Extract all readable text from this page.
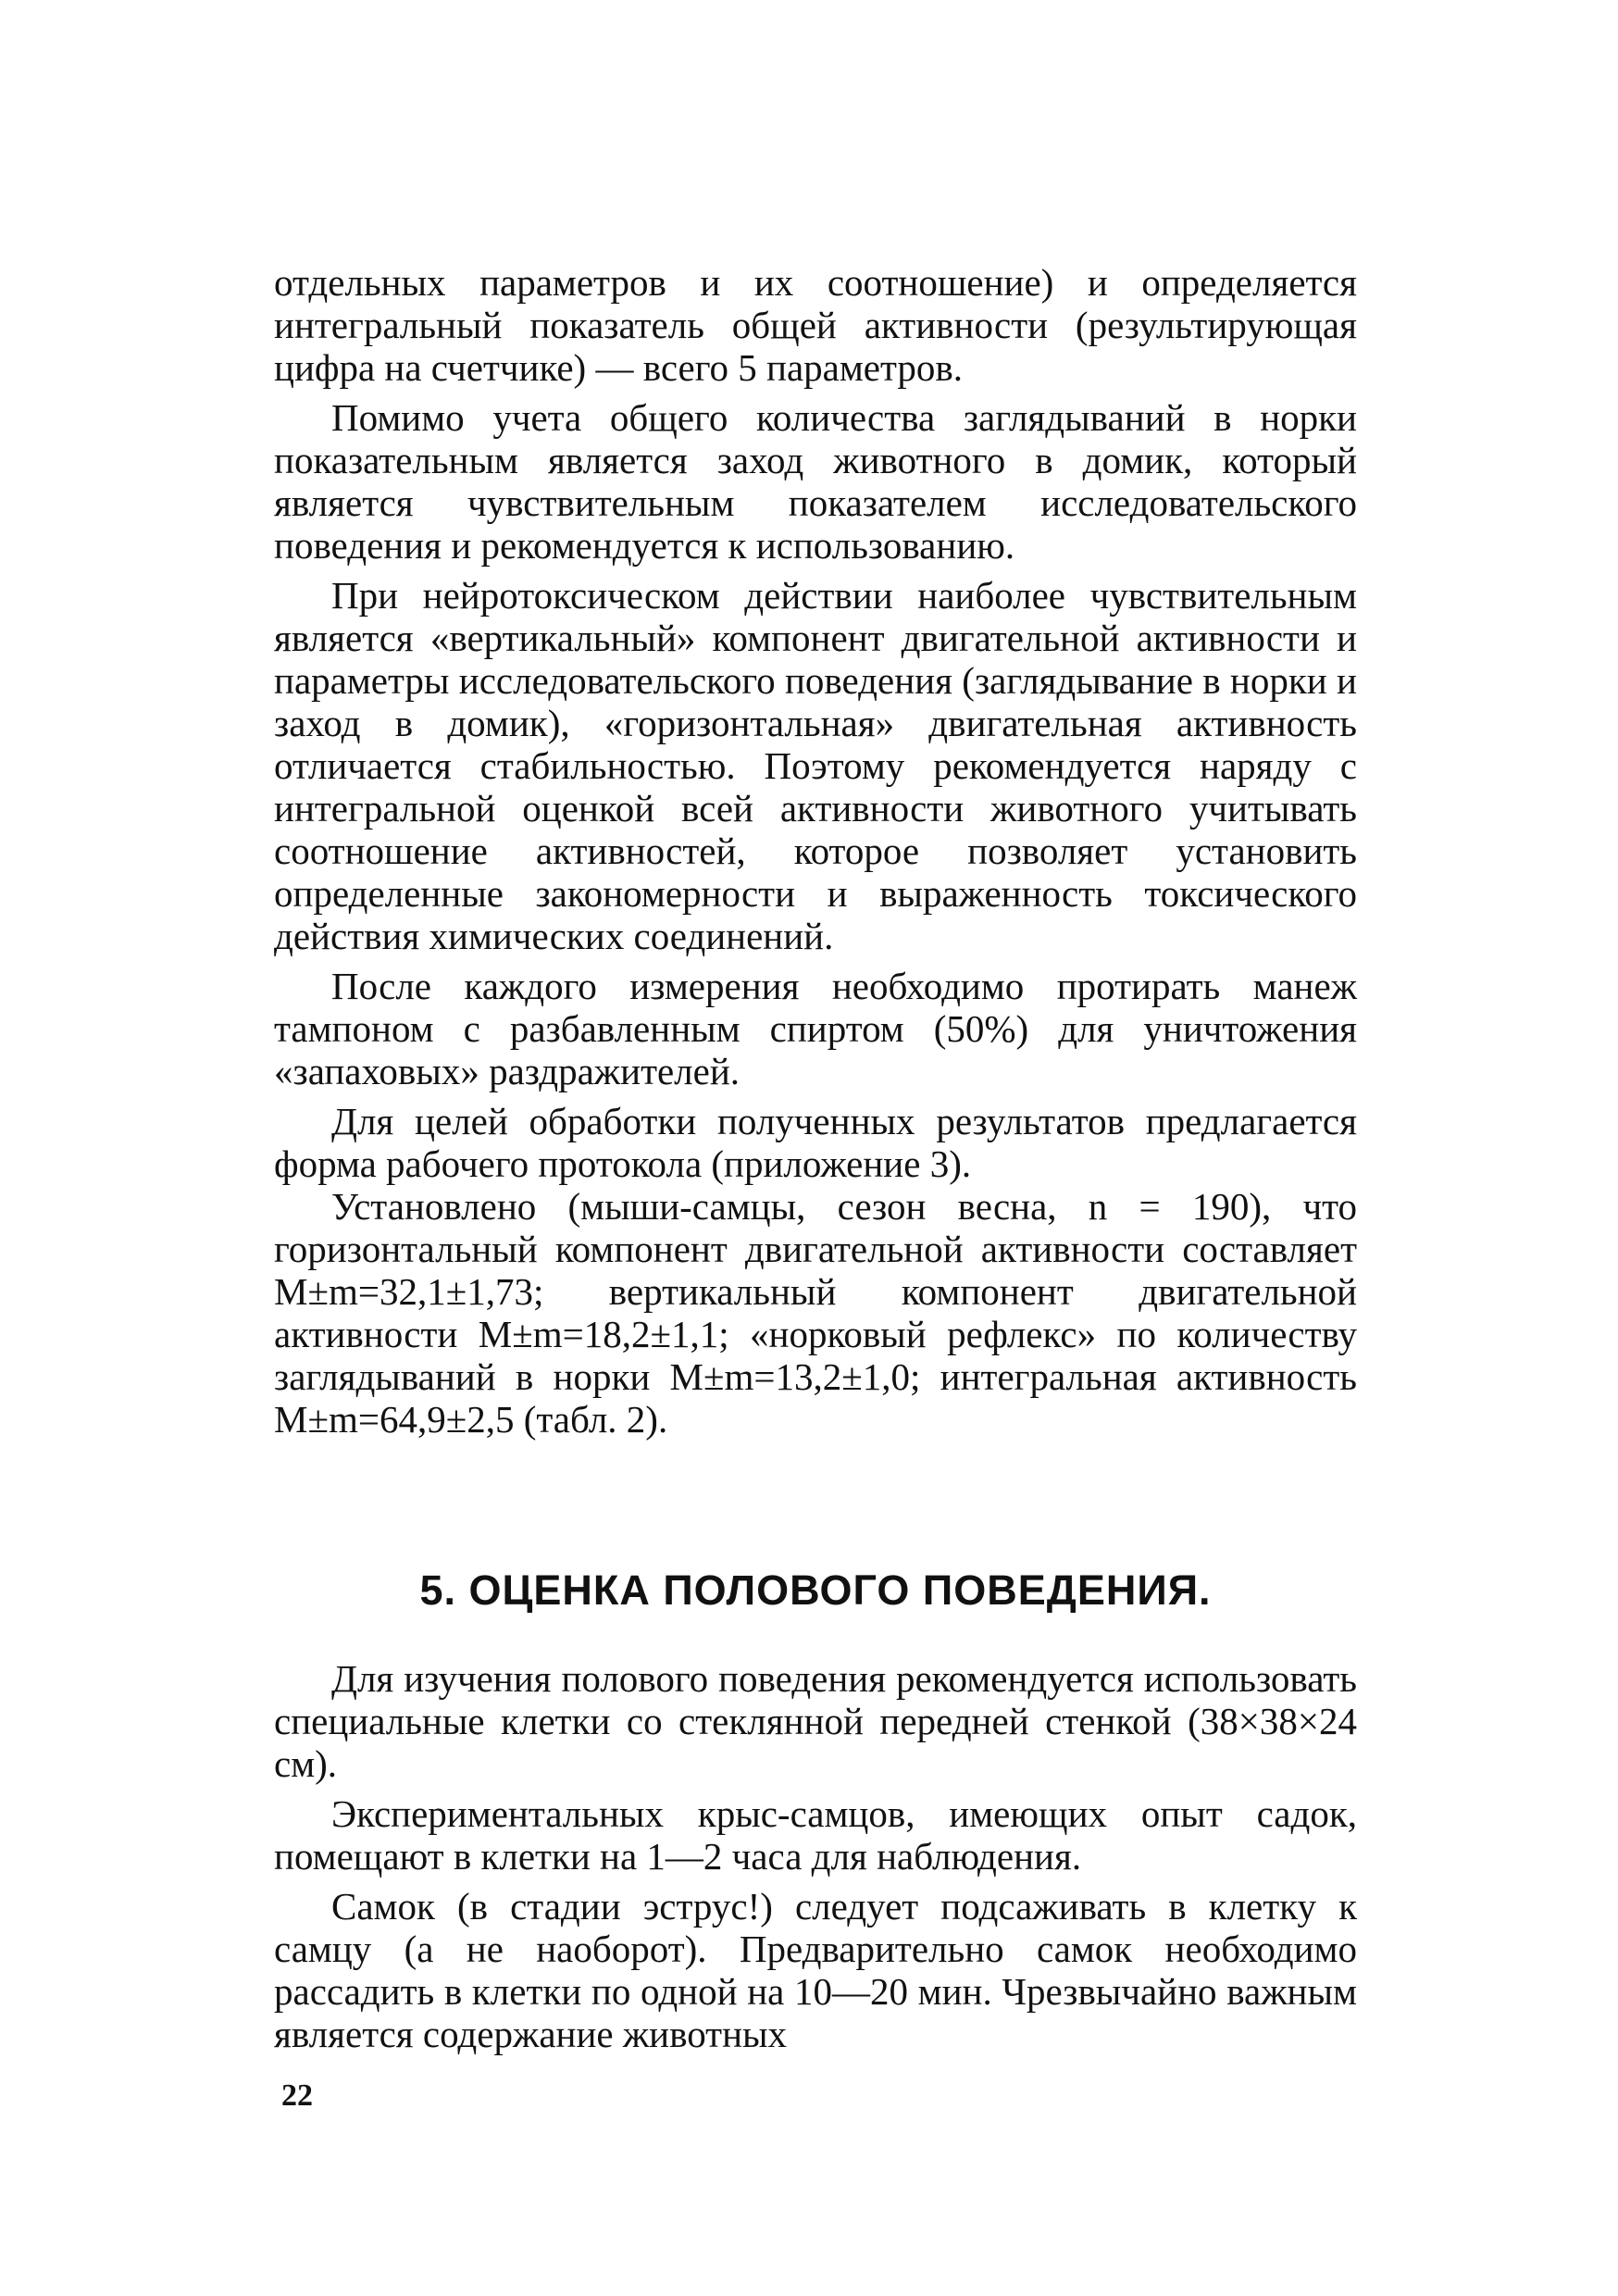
отдельных параметров и их соотношение) и определяется интегральный показатель общей активности (результирующая цифра на счетчике) — всего 5 параметров.

Помимо учета общего количества заглядываний в норки показательным является заход животного в домик, который является чувствительным показателем исследовательского поведения и рекомендуется к использованию.

При нейротоксическом действии наиболее чувствительным является «вертикальный» компонент двигательной активности и параметры исследовательского поведения (заглядывание в норки и заход в домик), «горизонтальная» двигательная активность отличается стабильностью. Поэтому рекомендуется наряду с интегральной оценкой всей активности животного учитывать соотношение активностей, которое позволяет установить определенные закономерности и выраженность токсического действия химических соединений.

После каждого измерения необходимо протирать манеж тампоном с разбавленным спиртом (50%) для уничтожения «запаховых» раздражителей.

Для целей обработки полученных результатов предлагается форма рабочего протокола (приложение 3).

Установлено (мыши-самцы, сезон весна, n = 190), что горизонтальный компонент двигательной активности составляет M±m=32,1±1,73; вертикальный компонент двигательной активности M±m=18,2±1,1; «норковый рефлекс» по количеству заглядываний в норки M±m=13,2±1,0; интегральная активность M±m=64,9±2,5 (табл. 2).

5. ОЦЕНКА ПОЛОВОГО ПОВЕДЕНИЯ.

Для изучения полового поведения рекомендуется использовать специальные клетки со стеклянной передней стенкой (38×38×24 см).

Экспериментальных крыс-самцов, имеющих опыт садок, помещают в клетки на 1—2 часа для наблюдения.

Самок (в стадии эструс!) следует подсаживать в клетку к самцу (а не наоборот). Предварительно самок необходимо рассадить в клетки по одной на 10—20 мин. Чрезвычайно важным является содержание животных

22
